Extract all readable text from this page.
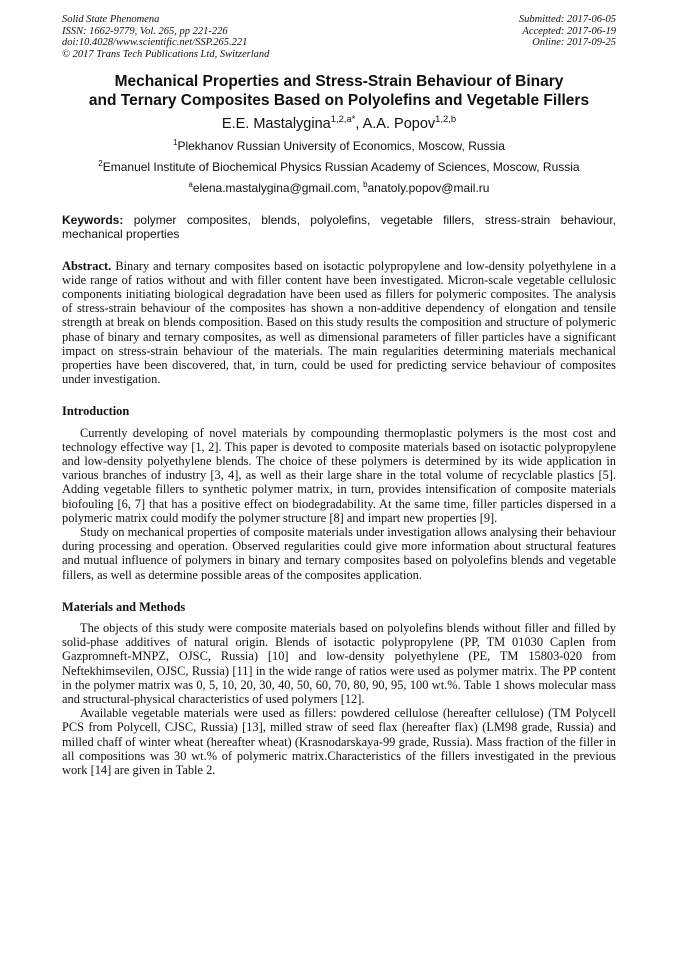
Solid State Phenomena
ISSN: 1662-9779, Vol. 265, pp 221-226
doi:10.4028/www.scientific.net/SSP.265.221
© 2017 Trans Tech Publications Ltd, Switzerland
Submitted: 2017-06-05
Accepted: 2017-06-19
Online: 2017-09-25
Mechanical Properties and Stress-Strain Behaviour of Binary
and Ternary Composites Based on Polyolefins and Vegetable Fillers
E.E. Mastalygina$^{1,2,a*}$, A.A. Popov$^{1,2,b}$
$^1$Plekhanov Russian University of Economics, Moscow, Russia
$^2$Emanuel Institute of Biochemical Physics Russian Academy of Sciences, Moscow, Russia
$^a$elena.mastalygina@gmail.com, $^b$anatoly.popov@mail.ru
Keywords: polymer composites, blends, polyolefins, vegetable fillers, stress-strain behaviour, mechanical properties
Abstract. Binary and ternary composites based on isotactic polypropylene and low-density polyethylene in a wide range of ratios without and with filler content have been investigated. Micron-scale vegetable cellulosic components initiating biological degradation have been used as fillers for polymeric composites. The analysis of stress-strain behaviour of the composites has shown a non-additive dependency of elongation and tensile strength at break on blends composition. Based on this study results the composition and structure of polymeric phase of binary and ternary composites, as well as dimensional parameters of filler particles have a significant impact on stress-strain behaviour of the materials. The main regularities determining materials mechanical properties have been discovered, that, in turn, could be used for predicting service behaviour of composites under investigation.
Introduction
Currently developing of novel materials by compounding thermoplastic polymers is the most cost and technology effective way [1, 2]. This paper is devoted to composite materials based on isotactic polypropylene and low-density polyethylene blends. The choice of these polymers is determined by its wide application in various branches of industry [3, 4], as well as their large share in the total volume of recyclable plastics [5]. Adding vegetable fillers to synthetic polymer matrix, in turn, provides intensification of composite materials biofouling [6, 7] that has a positive effect on biodegradability. At the same time, filler particles dispersed in a polymeric matrix could modify the polymer structure [8] and impart new properties [9].
Study on mechanical properties of composite materials under investigation allows analysing their behaviour during processing and operation. Observed regularities could give more information about structural features and mutual influence of polymers in binary and ternary composites based on polyolefins blends and vegetable fillers, as well as determine possible areas of the composites application.
Materials and Methods
The objects of this study were composite materials based on polyolefins blends without filler and filled by solid-phase additives of natural origin. Blends of isotactic polypropylene (PP, TM 01030 Caplen from Gazpromneft-MNPZ, OJSC, Russia) [10] and low-density polyethylene (PE, TM 15803-020 from Neftekhimsevilen, OJSC, Russia) [11] in the wide range of ratios were used as polymer matrix. The PP content in the polymer matrix was 0, 5, 10, 20, 30, 40, 50, 60, 70, 80, 90, 95, 100 wt.%. Table 1 shows molecular mass and structural-physical characteristics of used polymers [12].
Available vegetable materials were used as fillers: powdered cellulose (hereafter cellulose) (TM Polycell PCS from Polycell, CJSC, Russia) [13], milled straw of seed flax (hereafter flax) (LM98 grade, Russia) and milled chaff of winter wheat (hereafter wheat) (Krasnodarskaya-99 grade, Russia). Mass fraction of the filler in all compositions was 30 wt.% of polymeric matrix.Characteristics of the fillers investigated in the previous work [14] are given in Table 2.
